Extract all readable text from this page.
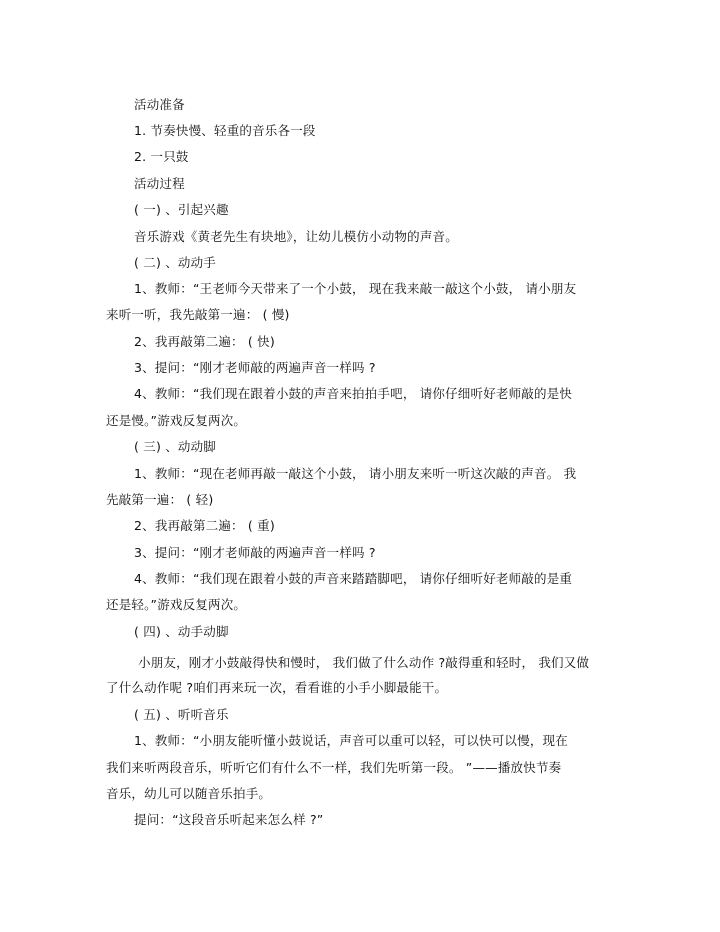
活动准备
1. 节奏快慢、轻重的音乐各一段
2. 一只鼓
活动过程
( 一) 、引起兴趣
音乐游戏《黄老先生有块地》，让幼儿模仿小动物的声音。
( 二) 、动动手
1、教师：“王老师今天带来了一个小鼓， 现在我来敲一敲这个小鼓， 请小朋友
来听一听，我先敲第一遍： ( 慢)
2、我再敲第二遍： ( 快)
3、提问：“刚才老师敲的两遍声音一样吗 ?
4、教师：“我们现在跟着小鼓的声音来拍拍手吧， 请你仔细听好老师敲的是快
还是慢。”游戏反复两次。
( 三) 、动动脚
1、教师：“现在老师再敲一敲这个小鼓， 请小朋友来听一听这次敲的声音。 我
先敲第一遍： ( 轻)
2、我再敲第二遍： ( 重)
3、提问：“刚才老师敲的两遍声音一样吗 ?
4、教师：“我们现在跟着小鼓的声音来踏踏脚吧， 请你仔细听好老师敲的是重
还是轻。”游戏反复两次。
( 四) 、动手动脚
小朋友，刚才小鼓敲得快和慢时， 我们做了什么动作 ?敲得重和轻时， 我们又做
了什么动作呢 ?咱们再来玩一次，看看谁的小手小脚最能干。
( 五) 、听听音乐
1、教师：“小朋友能听懂小鼓说话，声音可以重可以轻，可以快可以慢，现在
我们来听两段音乐，听听它们有什么不一样，我们先听第一段。 ”——播放快节奏
音乐，幼儿可以随音乐拍手。
提问：“这段音乐听起来怎么样 ?”
